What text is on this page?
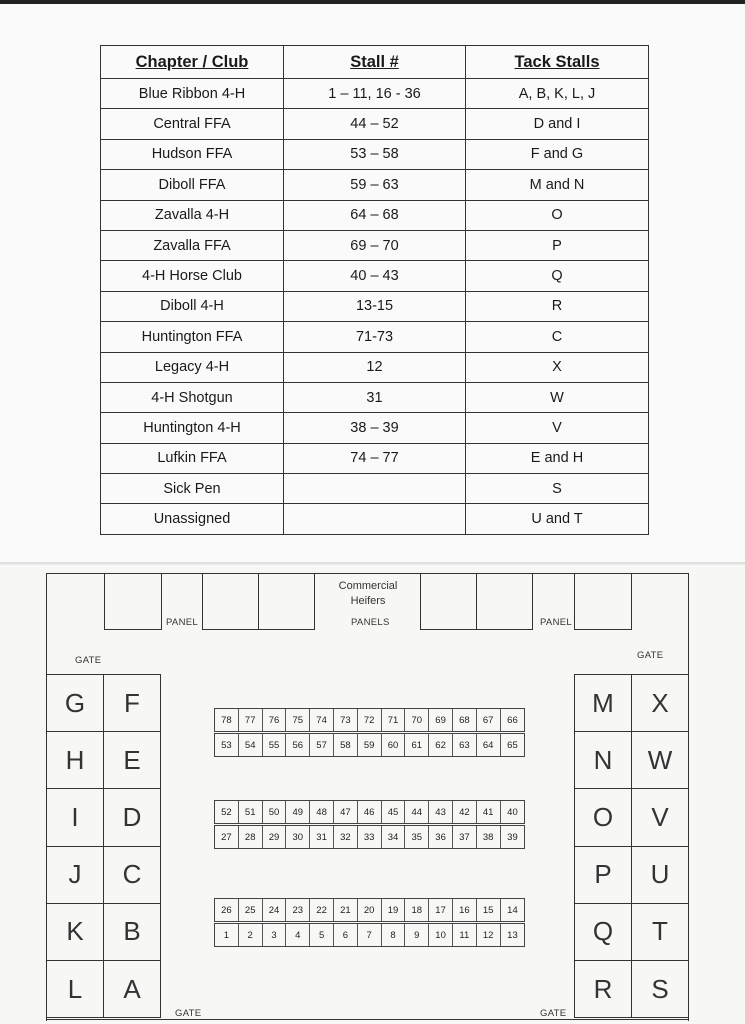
Chapter / Club	Stall #	Tack Stalls
Blue Ribbon 4-H	1 – 11, 16 - 36	A, B, K, L, J
Central FFA	44 – 52	D and I
Hudson FFA	53 – 58	F and G
Diboll FFA	59 – 63	M and N
Zavalla 4-H	64 – 68	O
Zavalla FFA	69 – 70	P
4-H Horse Club	40 – 43	Q
Diboll 4-H	13-15	R
Huntington FFA	71-73	C
Legacy 4-H	12	X
4-H Shotgun	31	W
Huntington 4-H	38 – 39	V
Lufkin FFA	74 – 77	E and H
Sick Pen		S
Unassigned		U and T
Commercial
Heifers
PANELS
PANEL	PANEL
GATE	GATE
GATE	GATE
G
H
I
J
K
L
F
E
D
C
B
A
M
N
O
P
Q
R
X
W
V
U
T
S
78	77	76	75	74	73	72	71	70	69	68	67	66
53	54	55	56	57	58	59	60	61	62	63	64	65
52	51	50	49	48	47	46	45	44	43	42	41	40
27	28	29	30	31	32	33	34	35	36	37	38	39
26	25	24	23	22	21	20	19	18	17	16	15	14
1	2	3	4	5	6	7	8	9	10	11	12	13
